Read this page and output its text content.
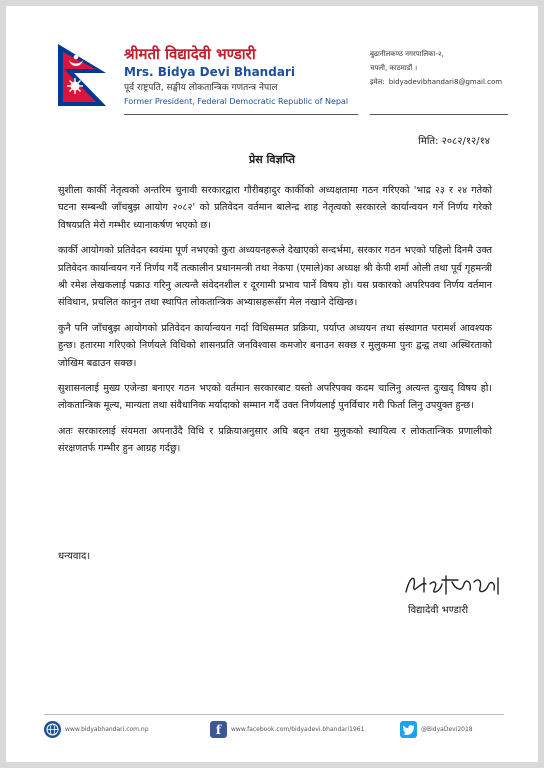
श्रीमती विद्यादेवी भण्डारी
Mrs. Bidya Devi Bhandari
पूर्व राष्ट्रपति, सङ्घीय लोकतान्त्रिक गणतन्त्र नेपाल
Former President, Federal Democratic Republic of Nepal
बुढानीलकण्ठ नगरपालिका-२,
चपली, काठमाडौं ।
इमेल: bidyadevibhandari8@gmail.com
मिति: २०८२/१२/१४
प्रेस विज्ञप्ति

सुशीला कार्की नेतृत्वको अन्तरिम चुनावी सरकारद्वारा गौरीबहादुर कार्कीको अध्यक्षतामा गठन गरिएको 'भाद्र २३ र २४ गतेको घटना सम्बन्धी जाँचबुझ आयोग २०८२' को प्रतिवेदन वर्तमान बालेन्द्र शाह नेतृत्वको सरकारले कार्यान्वयन गर्ने निर्णय गरेको विषयप्रति मेरो गम्भीर ध्यानाकर्षण भएको छ।

कार्की आयोगको प्रतिवेदन स्वयंमा पूर्ण नभएको कुरा अध्ययनहरूले देखाएको सन्दर्भमा, सरकार गठन भएको पहिलो दिनमै उक्त प्रतिवेदन कार्यान्वयन गर्ने निर्णय गर्दै तत्कालीन प्रधानमन्त्री तथा नेकपा (एमाले)का अध्यक्ष श्री केपी शर्मा ओली तथा पूर्व गृहमन्त्री श्री रमेश लेखकलाई पक्राउ गरिनु अत्यन्तै संवेदनशील र दूरगामी प्रभाव पार्ने विषय हो। यस प्रकारको अपरिपक्व निर्णय वर्तमान संविधान, प्रचलित कानुन तथा स्थापित लोकतान्त्रिक अभ्यासहरूसँग मेल नखाने देखिन्छ।

कुनै पनि जाँचबुझ आयोगको प्रतिवेदन कार्यान्वयन गर्दा विधिसम्मत प्रक्रिया, पर्याप्त अध्ययन तथा संस्थागत परामर्श आवश्यक हुन्छ। हतारमा गरिएको निर्णयले विधिको शासनप्रति जनविश्वास कमजोर बनाउन सक्छ र मुलुकमा पुनः द्वन्द्व तथा अस्थिरताको जोखिम बढाउन सक्छ।

सुशासनलाई मुख्य एजेन्डा बनाएर गठन भएको वर्तमान सरकारबाट यस्तो अपरिपक्व कदम चालिनु अत्यन्त दुःखद् विषय हो। लोकतान्त्रिक मूल्य, मान्यता तथा संवैधानिक मर्यादाको सम्मान गर्दै उक्त निर्णयलाई पुनर्विचार गरी फिर्ता लिनु उपयुक्त हुन्छ।

अतः सरकारलाई संयमता अपनाउँदै विधि र प्रक्रियाअनुसार अघि बढ्न तथा मुलुकको स्थायित्व र लोकतान्त्रिक प्रणालीको संरक्षणतर्फ गम्भीर हुन आग्रह गर्दछु।

धन्यवाद।
विद्यादेवी भण्डारी
www.bidyabhandari.com.np	f	www.facebook.com/bidyadevi.bhandari1961	@BidyaDevi2018
